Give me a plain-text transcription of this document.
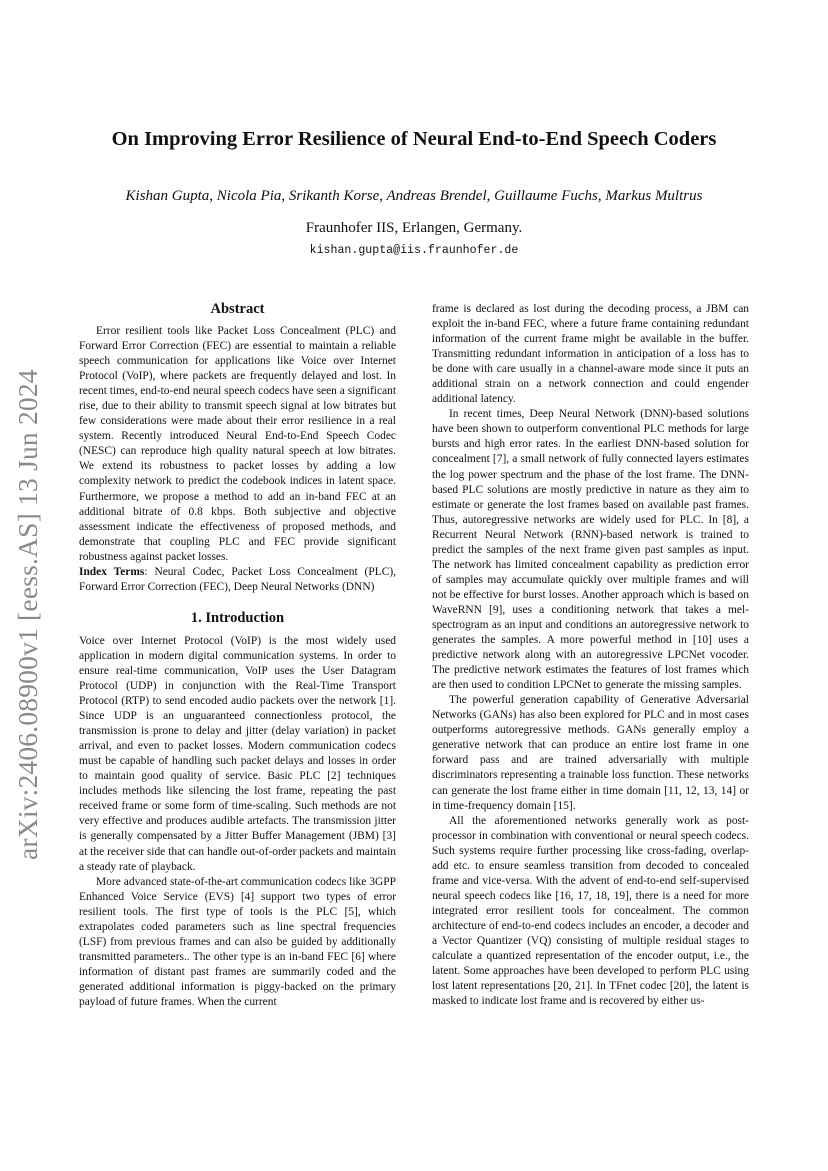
arXiv:2406.08900v1 [eess.AS] 13 Jun 2024
On Improving Error Resilience of Neural End-to-End Speech Coders

Kishan Gupta, Nicola Pia, Srikanth Korse, Andreas Brendel, Guillaume Fuchs, Markus Multrus

Fraunhofer IIS, Erlangen, Germany.

kishan.gupta@iis.fraunhofer.de

Abstract

Error resilient tools like Packet Loss Concealment (PLC) and Forward Error Correction (FEC) are essential to maintain a reliable speech communication for applications like Voice over Internet Protocol (VoIP), where packets are frequently delayed and lost. In recent times, end-to-end neural speech codecs have seen a significant rise, due to their ability to transmit speech signal at low bitrates but few considerations were made about their error resilience in a real system. Recently introduced Neural End-to-End Speech Codec (NESC) can reproduce high quality natural speech at low bitrates. We extend its robustness to packet losses by adding a low complexity network to predict the codebook indices in latent space. Furthermore, we propose a method to add an in-band FEC at an additional bitrate of 0.8 kbps. Both subjective and objective assessment indicate the effectiveness of proposed methods, and demonstrate that coupling PLC and FEC provide significant robustness against packet losses.

Index Terms: Neural Codec, Packet Loss Concealment (PLC), Forward Error Correction (FEC), Deep Neural Networks (DNN)

1. Introduction

Voice over Internet Protocol (VoIP) is the most widely used application in modern digital communication systems. In order to ensure real-time communication, VoIP uses the User Datagram Protocol (UDP) in conjunction with the Real-Time Transport Protocol (RTP) to send encoded audio packets over the network [1]. Since UDP is an unguaranteed connectionless protocol, the transmission is prone to delay and jitter (delay variation) in packet arrival, and even to packet losses. Modern communication codecs must be capable of handling such packet delays and losses in order to maintain good quality of service. Basic PLC [2] techniques includes methods like silencing the lost frame, repeating the past received frame or some form of time-scaling. Such methods are not very effective and produces audible artefacts. The transmission jitter is generally compensated by a Jitter Buffer Management (JBM) [3] at the receiver side that can handle out-of-order packets and maintain a steady rate of playback.

More advanced state-of-the-art communication codecs like 3GPP Enhanced Voice Service (EVS) [4] support two types of error resilient tools. The first type of tools is the PLC [5], which extrapolates coded parameters such as line spectral frequencies (LSF) from previous frames and can also be guided by additionally transmitted parameters.. The other type is an in-band FEC [6] where information of distant past frames are summarily coded and the generated additional information is piggy-backed on the primary payload of future frames. When the current

frame is declared as lost during the decoding process, a JBM can exploit the in-band FEC, where a future frame containing redundant information of the current frame might be available in the buffer. Transmitting redundant information in anticipation of a loss has to be done with care usually in a channel-aware mode since it puts an additional strain on a network connection and could engender additional latency.

In recent times, Deep Neural Network (DNN)-based solutions have been shown to outperform conventional PLC methods for large bursts and high error rates. In the earliest DNN-based solution for concealment [7], a small network of fully connected layers estimates the log power spectrum and the phase of the lost frame. The DNN-based PLC solutions are mostly predictive in nature as they aim to estimate or generate the lost frames based on available past frames. Thus, autoregressive networks are widely used for PLC. In [8], a Recurrent Neural Network (RNN)-based network is trained to predict the samples of the next frame given past samples as input. The network has limited concealment capability as prediction error of samples may accumulate quickly over multiple frames and will not be effective for burst losses. Another approach which is based on WaveRNN [9], uses a conditioning network that takes a mel-spectrogram as an input and conditions an autoregressive network to generates the samples. A more powerful method in [10] uses a predictive network along with an autoregressive LPCNet vocoder. The predictive network estimates the features of lost frames which are then used to condition LPCNet to generate the missing samples.

The powerful generation capability of Generative Adversarial Networks (GANs) has also been explored for PLC and in most cases outperforms autoregressive methods. GANs generally employ a generative network that can produce an entire lost frame in one forward pass and are trained adversarially with multiple discriminators representing a trainable loss function. These networks can generate the lost frame either in time domain [11, 12, 13, 14] or in time-frequency domain [15].

All the aforementioned networks generally work as post-processor in combination with conventional or neural speech codecs. Such systems require further processing like cross-fading, overlap-add etc. to ensure seamless transition from decoded to concealed frame and vice-versa. With the advent of end-to-end self-supervised neural speech codecs like [16, 17, 18, 19], there is a need for more integrated error resilient tools for concealment. The common architecture of end-to-end codecs includes an encoder, a decoder and a Vector Quantizer (VQ) consisting of multiple residual stages to calculate a quantized representation of the encoder output, i.e., the latent. Some approaches have been developed to perform PLC using lost latent representations [20, 21]. In TFnet codec [20], the latent is masked to indicate lost frame and is recovered by either us-
